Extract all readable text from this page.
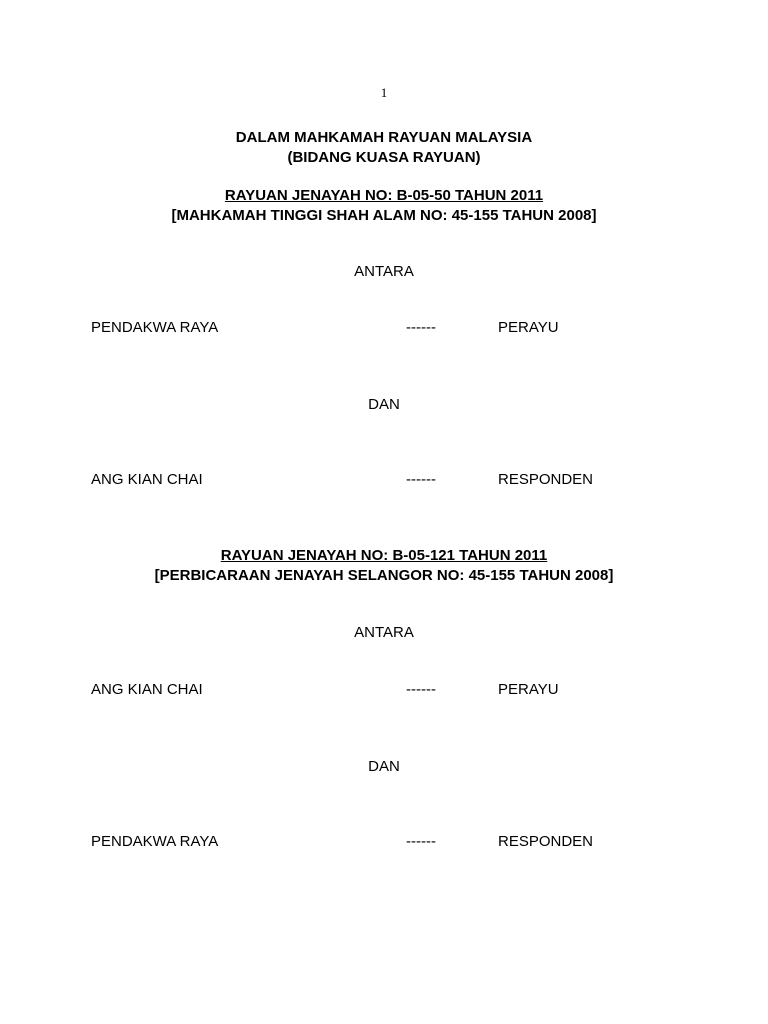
1
DALAM MAHKAMAH RAYUAN MALAYSIA
(BIDANG KUASA RAYUAN)
RAYUAN JENAYAH NO: B-05-50 TAHUN 2011
[MAHKAMAH TINGGI SHAH ALAM NO: 45-155 TAHUN 2008]
ANTARA
PENDAKWA RAYA	------	PERAYU
DAN
ANG KIAN CHAI	------	RESPONDEN
RAYUAN JENAYAH NO: B-05-121 TAHUN 2011
[PERBICARAAN JENAYAH SELANGOR NO: 45-155 TAHUN 2008]
ANTARA
ANG KIAN CHAI	------	PERAYU
DAN
PENDAKWA RAYA	------	RESPONDEN
